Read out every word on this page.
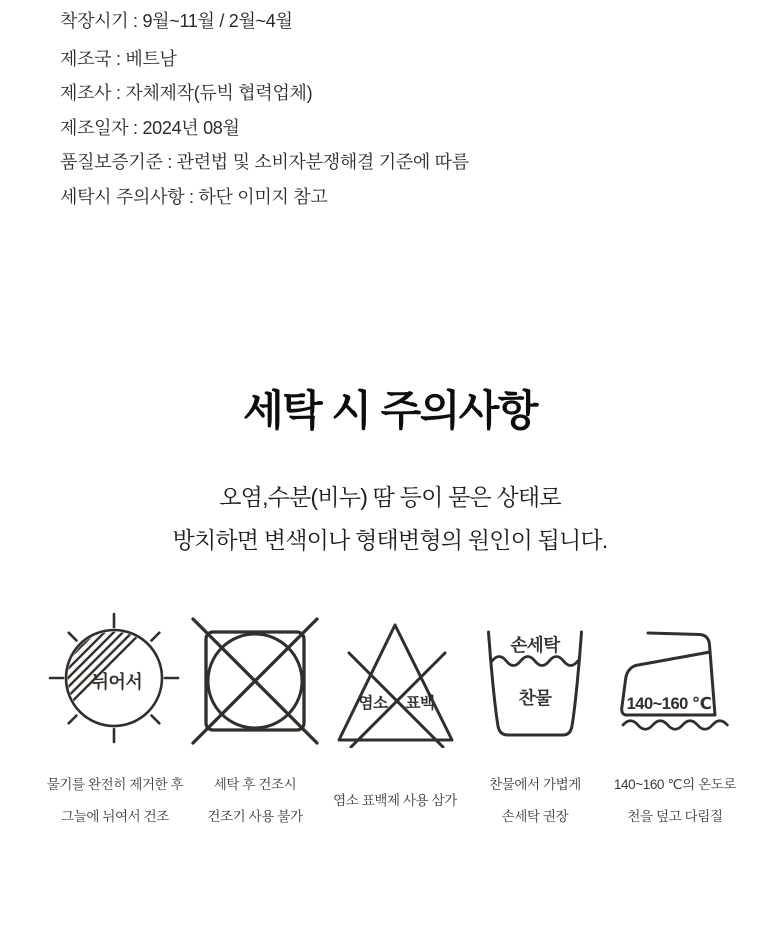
착장시기 : 9월~11월 / 2월~4월
제조국 : 베트남
제조사 : 자체제작(듀빅 협력업체)
제조일자 : 2024년 08월
품질보증기준 : 관련법 및 소비자분쟁해결 기준에 따름
세탁시 주의사항 : 하단 이미지 참고
세탁 시 주의사항
오염,수분(비누) 땀 등이 묻은 상태로
방치하면 변색이나 형태변형의 원인이 됩니다.
뉘어서
물기를 완전히 제거한 후
그늘에 뉘여서 건조
세탁 후 건조시
건조기 사용 불가
염소 표백
염소 표백제 사용 삼가
손세탁
찬물
찬물에서 가볍게
손세탁 권장
140~160 ℃
140~160 ℃의 온도로
천을 덮고 다림질
